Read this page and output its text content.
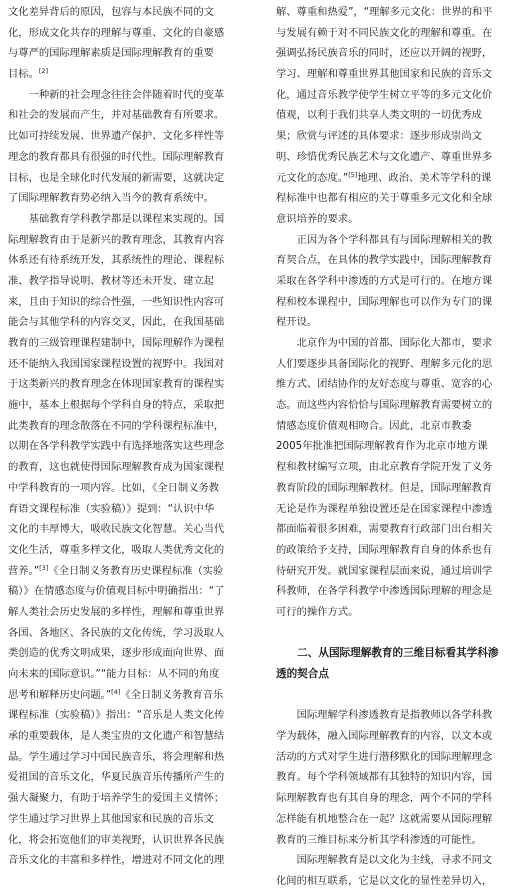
文化差异背后的原因，包容与本民族不同的文
化，形成文化共存的理解与尊重、文化的自豪感
与尊严的国际理解素质是国际理解教育的重要
目标。[2]
　　一种新的社会理念往往会伴随着时代的变革
和社会的发展而产生，并对基础教育有所要求。
比如可持续发展、世界遗产保护、文化多样性等
理念的教育都具有很强的时代性。国际理解教育
目标，也是全球化时代发展的新需要，这就决定
了国际理解教育势必纳入当今的教育系统中。
　　基础教育学科教学都是以课程来实现的。国
际理解教育由于是新兴的教育理念，其教育内容
体系还有待系统开发，其系统性的理论、课程标
准、教学指导说明、教材等还未开发、建立起
来，且由于知识的综合性强，一些知识性内容可
能会与其他学科的内容交叉，因此，在我国基础
教育的三级管理课程建制中，国际理解作为课程
还不能纳入我国国家课程设置的视野中。我国对
于这类新兴的教育理念在体现国家教育的课程实
施中，基本上根据每个学科自身的特点，采取把
此类教育的理念散落在不同的学科课程标准中，
以期在各学科教学实践中有选择地落实这些理念
的教育，这也就使得国际理解教育成为国家课程
中学科教育的一项内容。比如，《全日制义务教
育语文课程标准（实验稿）》提到：“认识中华
文化的丰厚博大，吸收民族文化智慧。关心当代
文化生活，尊重多样文化，吸取人类优秀文化的
营养。”[3]《全日制义务教育历史课程标准（实验
稿）》在情感态度与价值观目标中明确指出：“了
解人类社会历史发展的多样性，理解和尊重世界
各国、各地区、各民族的文化传统，学习汲取人
类创造的优秀文明成果，逐步形成面向世界、面
向未来的国际意识。”“能力目标：从不同的角度
思考和解释历史问题。”[4]《全日制义务教育音乐
课程标准（实验稿）》指出：“音乐是人类文化传
承的重要载体，是人类宝贵的文化遗产和智慧结
晶。学生通过学习中国民族音乐，将会理解和热
爱祖国的音乐文化，华夏民族音乐传播所产生的
强大凝聚力，有助于培养学生的爱国主义情怀；
学生通过学习世界上其他国家和民族的音乐文
化，将会拓宽他们的审美视野，认识世界各民族
音乐文化的丰富和多样性，增进对不同文化的理
解、尊重和热爱”，“理解多元文化：世界的和平
与发展有赖于对不同民族文化的理解和尊重。在
强调弘扬民族音乐的同时，还应以开阔的视野，
学习、理解和尊重世界其他国家和民族的音乐文
化，通过音乐教学使学生树立平等的多元文化价
值观，以利于我们共享人类文明的一切优秀成
果；欣赏与评述的具体要求：逐步形成崇尚文
明、珍惜优秀民族艺术与文化遗产、尊重世界多
元文化的态度。”[5]地理、政治、美术等学科的课
程标准中也都有相应的关于尊重多元文化和全球
意识培养的要求。
　　正因为各个学科都具有与国际理解相关的教
育契合点，在具体的教学实践中，国际理解教育
采取在各学科中渗透的方式是可行的。在地方课
程和校本课程中，国际理解也可以作为专门的课
程开设。
　　北京作为中国的首都、国际化大都市，要求
人们要逐步具备国际化的视野、理解多元化的思
维方式、团结协作的友好态度与尊重、宽容的心
态。而这些内容恰恰与国际理解教育需要树立的
情感态度价值观相吻合。因此，北京市教委
2005年批准把国际理解教育作为北京市地方课
程和教材编写立项，由北京教育学院开发了义务
教育阶段的国际理解教材。但是，国际理解教育
无论是作为课程单独设置还是在国家课程中渗透
都面临着很多困难，需要教育行政部门出台相关
的政策给予支持，国际理解教育自身的体系也有
待研究开发。就国家课程层面来说，通过培训学
科教师，在各学科教学中渗透国际理解的理念是
可行的操作方式。
　　二、从国际理解教育的三维目标看其学科渗
透的契合点
　　国际理解学科渗透教育是指教师以各学科教
学为载体，融入国际理解教育的内容，以文本或
活动的方式对学生进行潜移默化的国际理解理念
教育。每个学科领域都有其独特的知识内容，国
际理解教育也有其自身的理念，两个不同的学科
怎样能有机地整合在一起？这就需要从国际理解
教育的三维目标来分析其学科渗透的可能性。
　　国际理解教育是以文化为主线，寻求不同文
化间的相互联系，它是以文化的显性差异切入，
